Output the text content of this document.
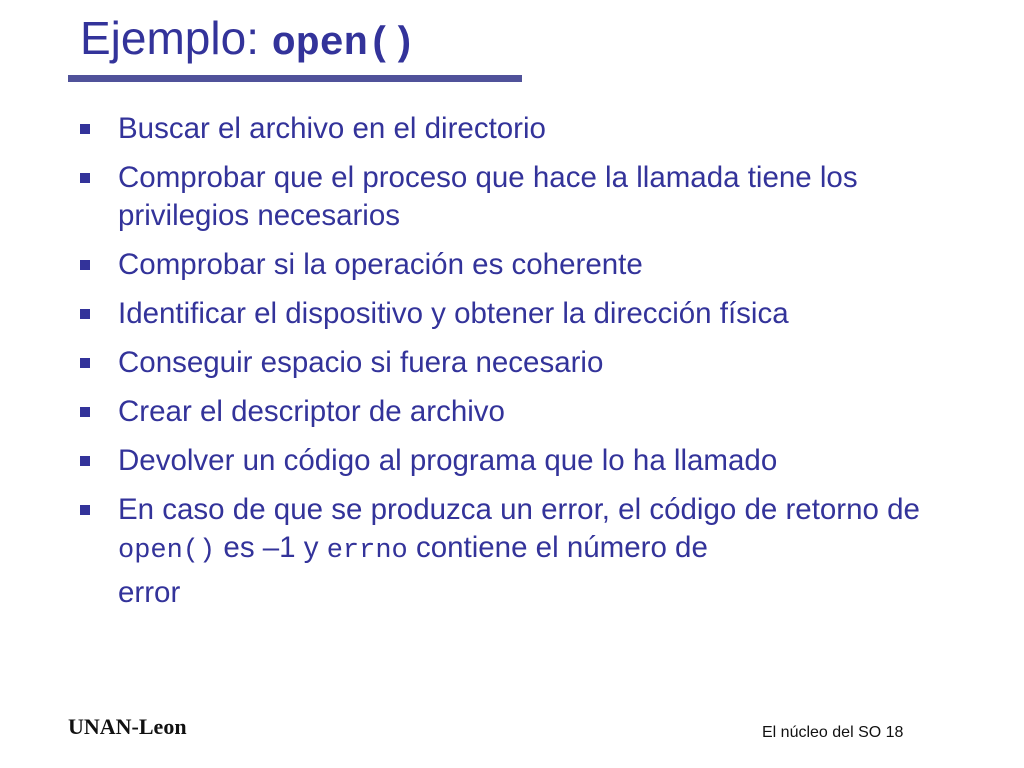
Ejemplo: open()
Buscar el archivo en el directorio
Comprobar que el proceso que hace la llamada tiene los privilegios necesarios
Comprobar si la operación es coherente
Identificar el dispositivo y obtener la dirección física
Conseguir espacio si fuera necesario
Crear el descriptor de archivo
Devolver un código al programa que lo ha llamado
En caso de que se produzca un error, el código de retorno de open() es –1 y errno contiene el número de
error
UNAN-Leon	El núcleo del SO 18
